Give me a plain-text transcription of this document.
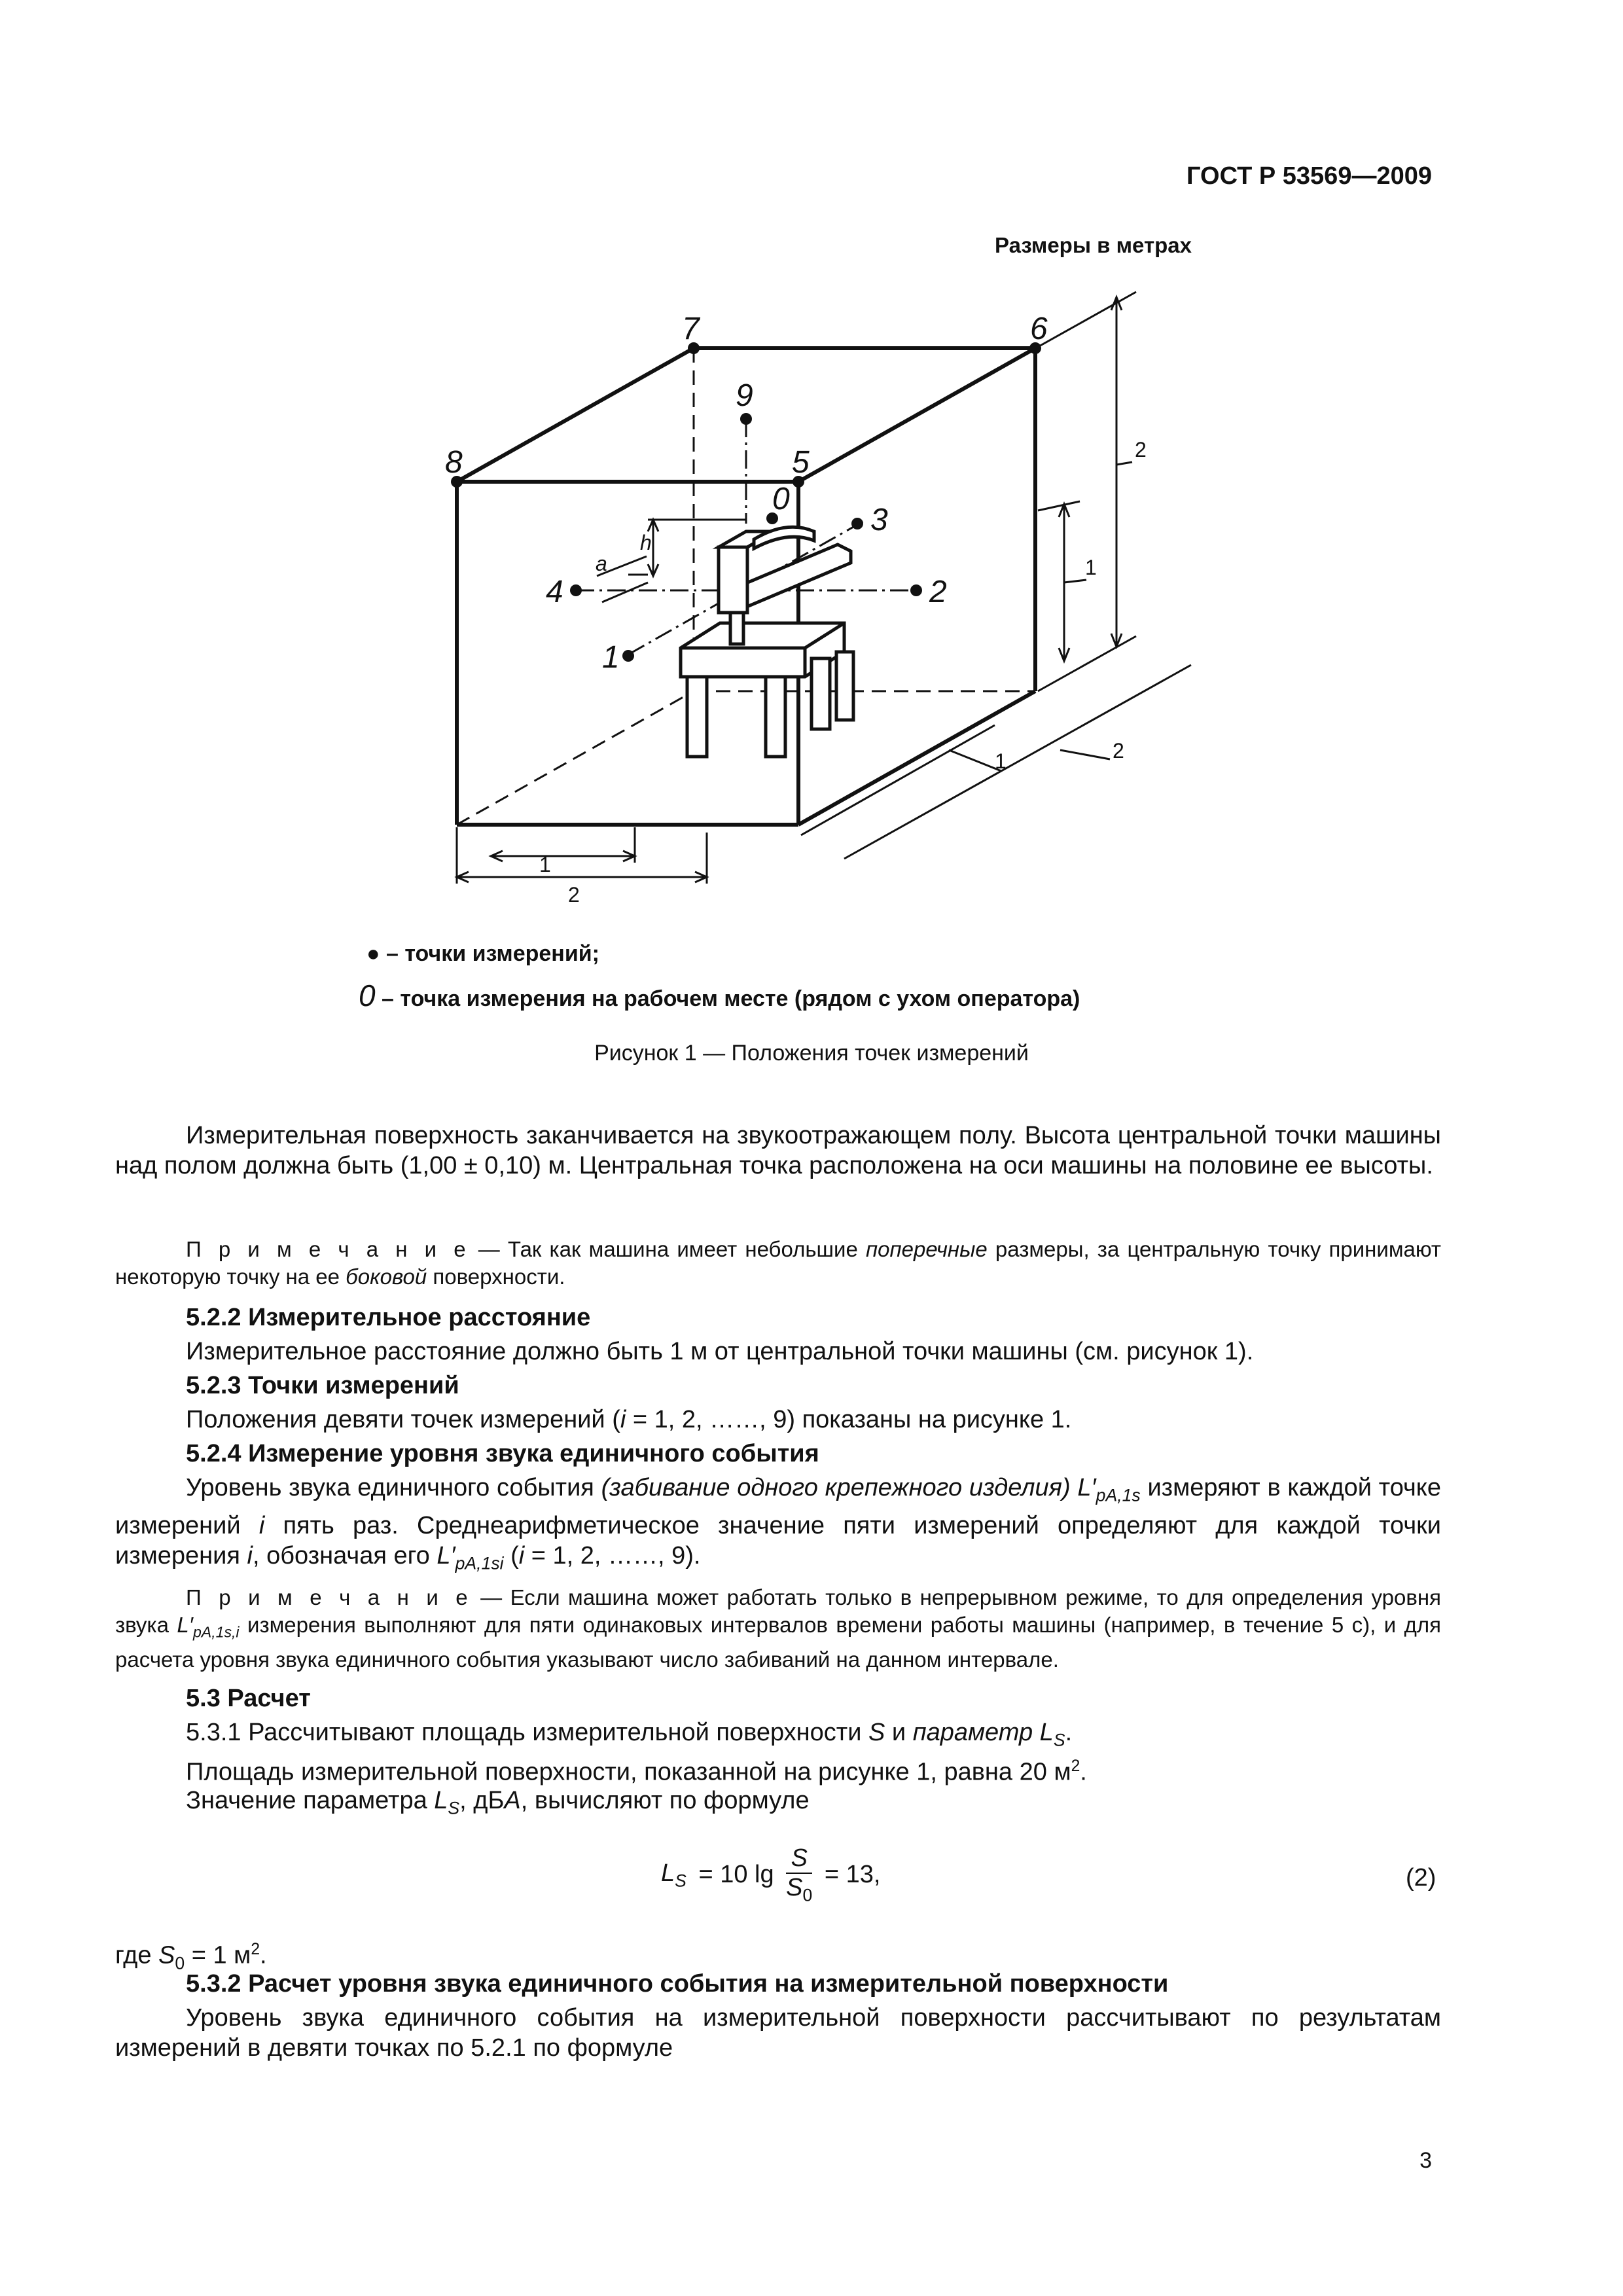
ГОСТ Р 53569—2009
Размеры в метрах
0
1
2
3
4
5
6
7
8
9
2
1
2
1
1
2
a
h
● – точки измерений;
0 – точка измерения на рабочем месте (рядом с ухом оператора)
Рисунок 1 — Положения точек измерений
Измерительная поверхность заканчивается на звукоотражающем полу. Высота центральной точки машины над полом должна быть (1,00 ± 0,10) м. Центральная точка расположена на оси машины на половине ее высоты.
П р и м е ч а н и е — Так как машина имеет небольшие поперечные размеры, за центральную точку принимают некоторую точку на ее боковой поверхности.
5.2.2 Измерительное расстояние
Измерительное расстояние должно быть 1 м от центральной точки машины (см. рисунок 1).
5.2.3 Точки измерений
Положения девяти точек измерений (i = 1, 2, ……, 9) показаны на рисунке 1.
5.2.4 Измерение уровня звука единичного события
Уровень звука единичного события (забивание одного крепежного изделия) $L'_{pA,1s}$ измеряют в каждой точке измерений i пять раз. Среднеарифметическое значение пяти измерений определяют для каждой точки измерения i, обозначая его $L'_{pA,1si}$ (i = 1, 2, ……, 9).
П р и м е ч а н и е — Если машина может работать только в непрерывном режиме, то для определения уровня звука $L'_{pA,1s,i}$ измерения выполняют для пяти одинаковых интервалов времени работы машины (например, в течение 5 с), и для расчета уровня звука единичного события указывают число забиваний на данном интервале.
5.3 Расчет
5.3.1 Рассчитывают площадь измерительной поверхности S и параметр $L_S$.
Площадь измерительной поверхности, показанной на рисунке 1, равна 20 $м^2$.
Значение параметра $L_S$, дБА, вычисляют по формуле
$L_S = 10$ $\lg \frac{S}{S_0} = 13$,	(2)
где $S_0 = 1$ $м^2$.
5.3.2 Расчет уровня звука единичного события на измерительной поверхности
Уровень звука единичного события на измерительной поверхности рассчитывают по результатам измерений в девяти точках по 5.2.1 по формуле
3
